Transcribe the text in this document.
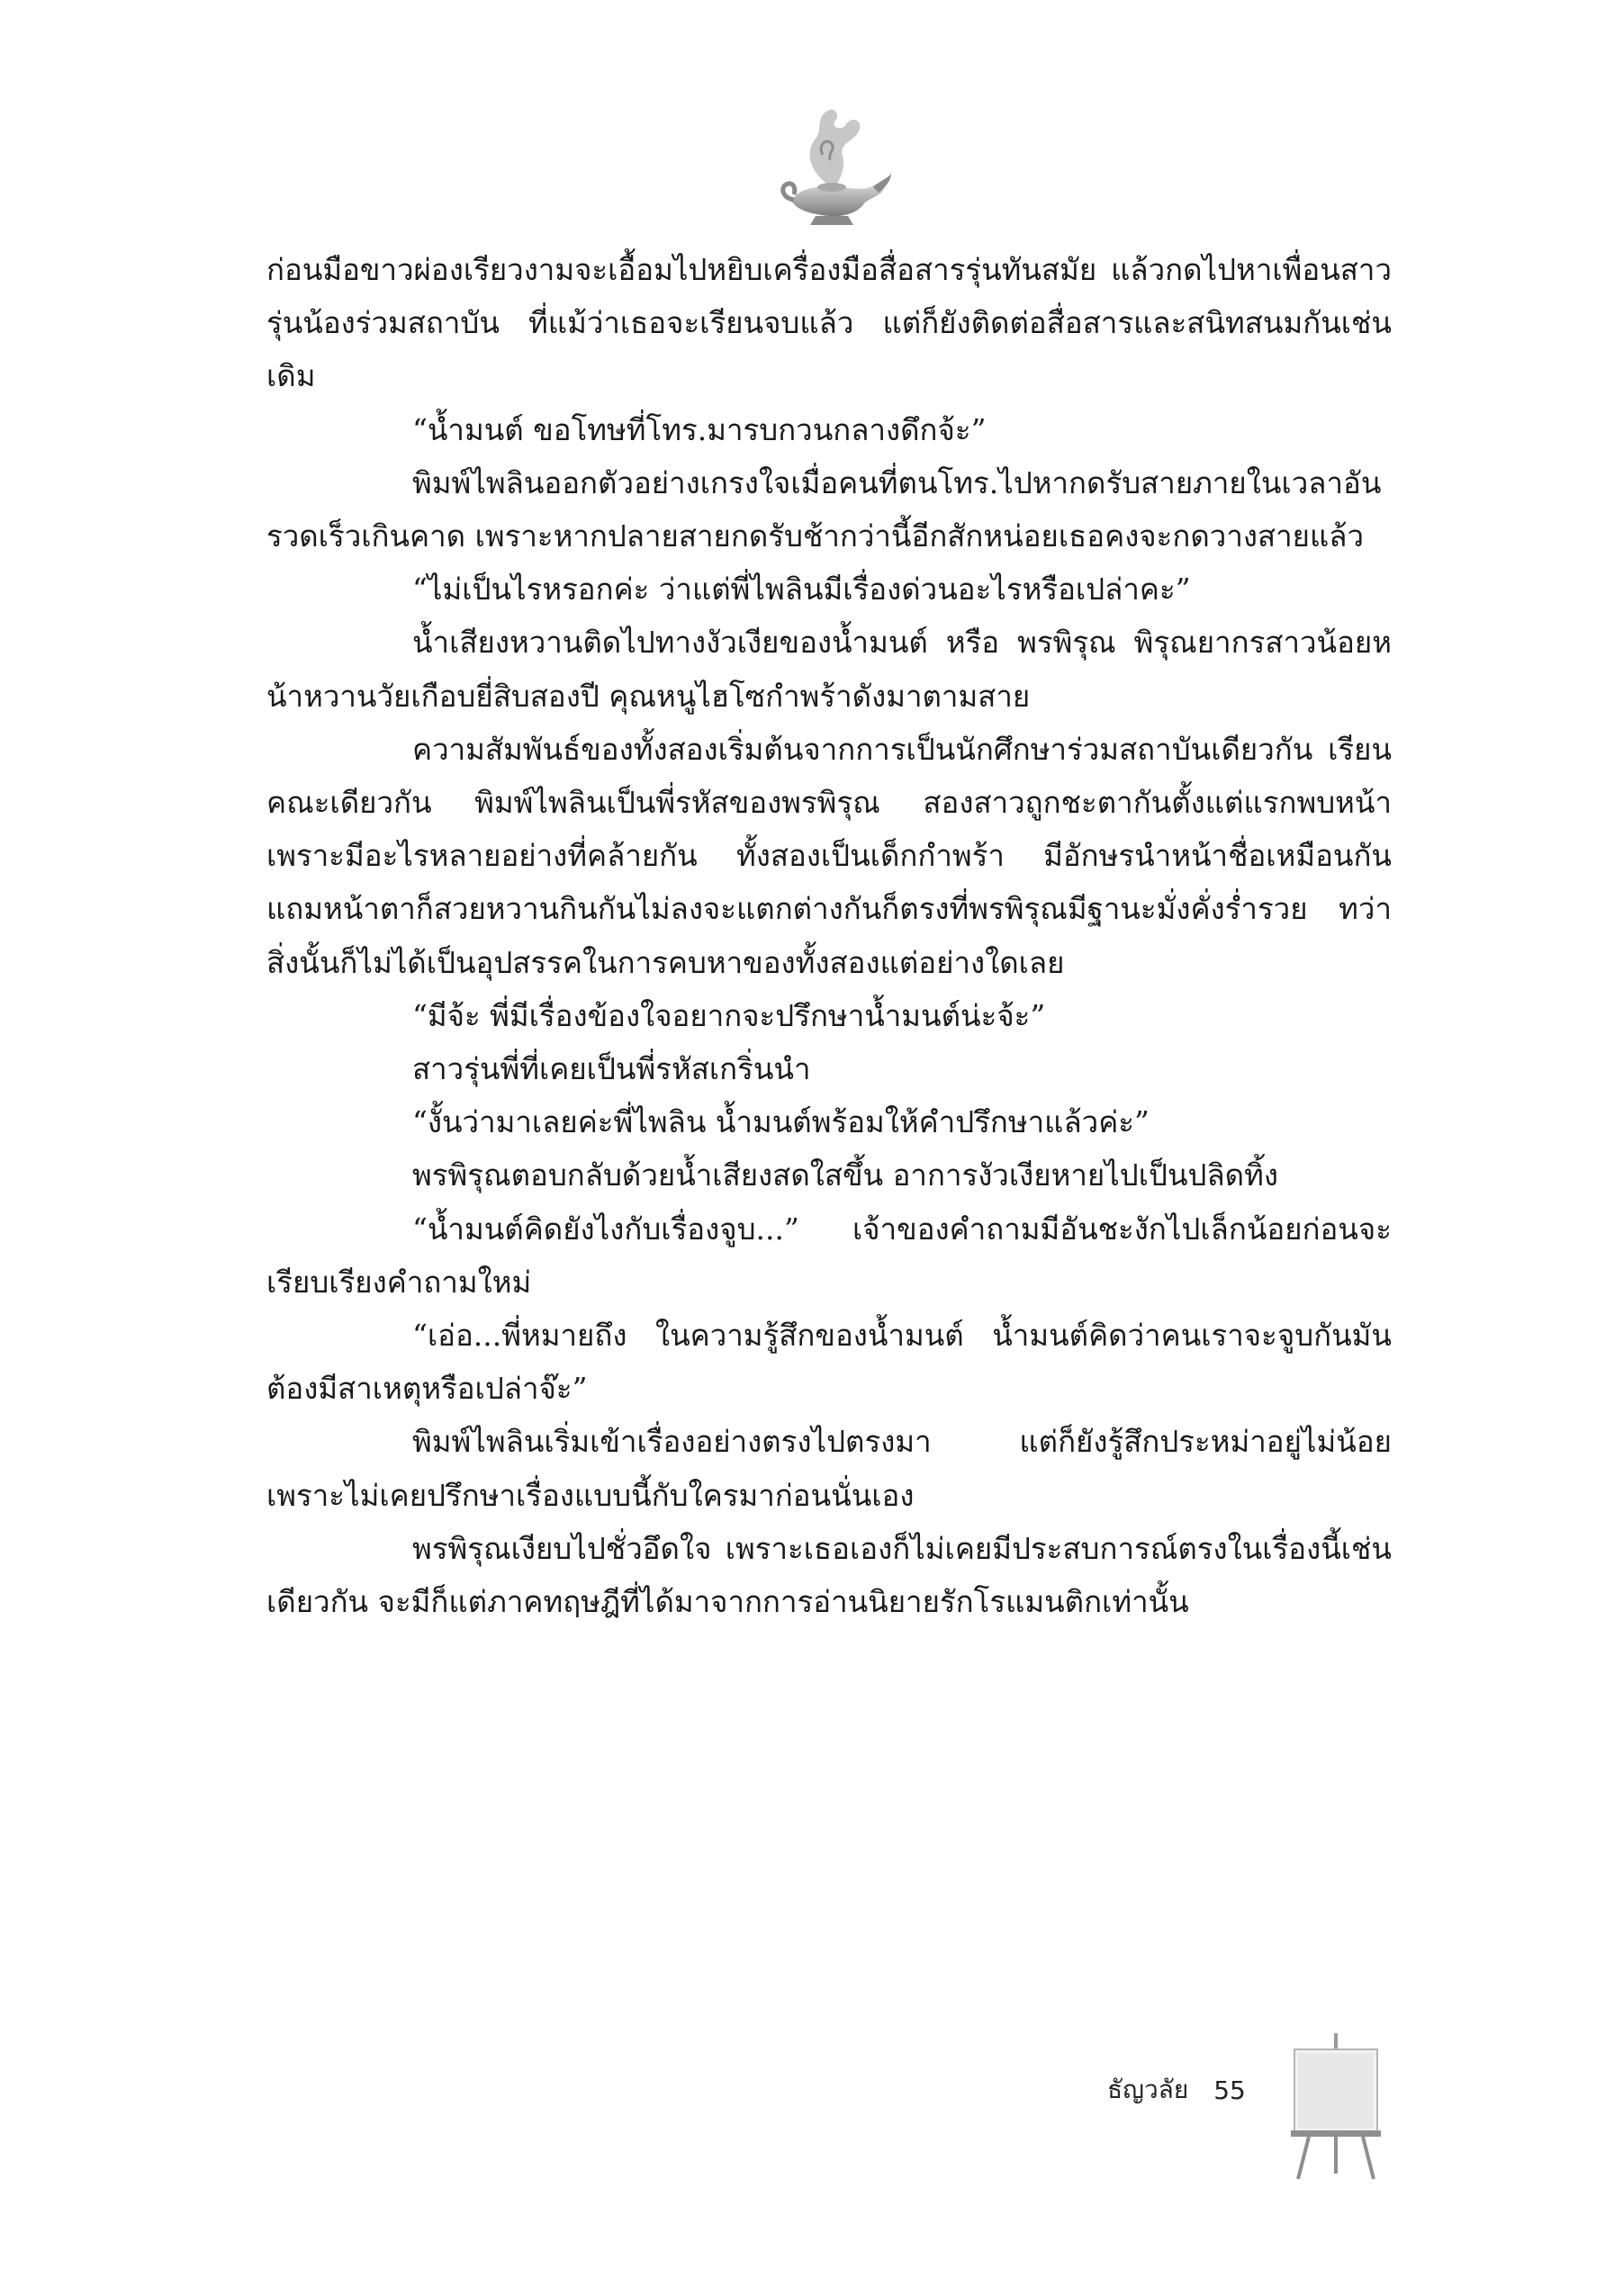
ก่อนมือขาวผ่องเรียวงามจะเอื้อมไปหยิบเครื่องมือสื่อสารรุ่นทันสมัย แล้วกดไปหาเพื่อนสาวรุ่นน้องร่วมสถาบัน ที่แม้ว่าเธอจะเรียนจบแล้ว แต่ก็ยังติดต่อสื่อสารและสนิทสนมกันเช่นเดิม

“น้ำมนต์ ขอโทษที่โทร.มารบกวนกลางดึกจ้ะ”

พิมพ์ไพลินออกตัวอย่างเกรงใจเมื่อคนที่ตนโทร.ไปหากดรับสายภายในเวลาอันรวดเร็วเกินคาด เพราะหากปลายสายกดรับช้ากว่านี้อีกสักหน่อยเธอคงจะกดวางสายแล้ว

“ไม่เป็นไรหรอกค่ะ ว่าแต่พี่ไพลินมีเรื่องด่วนอะไรหรือเปล่าคะ”

น้ำเสียงหวานติดไปทางงัวเงียของน้ำมนต์ หรือ พรพิรุณ พิรุณยากรสาวน้อยหน้าหวานวัยเกือบยี่สิบสองปี คุณหนูไฮโซกำพร้าดังมาตามสาย

ความสัมพันธ์ของทั้งสองเริ่มต้นจากการเป็นนักศึกษาร่วมสถาบันเดียวกัน เรียนคณะเดียวกัน พิมพ์ไพลินเป็นพี่รหัสของพรพิรุณ สองสาวถูกชะตากันตั้งแต่แรกพบหน้า เพราะมีอะไรหลายอย่างที่คล้ายกัน ทั้งสองเป็นเด็กกำพร้า มีอักษรนำหน้าชื่อเหมือนกัน แถมหน้าตาก็สวยหวานกินกันไม่ลงจะแตกต่างกันก็ตรงที่พรพิรุณมีฐานะมั่งคั่งร่ำรวย ทว่าสิ่งนั้นก็ไม่ได้เป็นอุปสรรคในการคบหาของทั้งสองแต่อย่างใดเลย

“มีจ้ะ พี่มีเรื่องข้องใจอยากจะปรึกษาน้ำมนต์น่ะจ้ะ”

สาวรุ่นพี่ที่เคยเป็นพี่รหัสเกริ่นนำ

“งั้นว่ามาเลยค่ะพี่ไพลิน น้ำมนต์พร้อมให้คำปรึกษาแล้วค่ะ”

พรพิรุณตอบกลับด้วยน้ำเสียงสดใสขึ้น อาการงัวเงียหายไปเป็นปลิดทิ้ง

“น้ำมนต์คิดยังไงกับเรื่องจูบ...” เจ้าของคำถามมีอันชะงักไปเล็กน้อยก่อนจะเรียบเรียงคำถามใหม่

“เอ่อ...พี่หมายถึง ในความรู้สึกของน้ำมนต์ น้ำมนต์คิดว่าคนเราจะจูบกันมันต้องมีสาเหตุหรือเปล่าจ๊ะ”

พิมพ์ไพลินเริ่มเข้าเรื่องอย่างตรงไปตรงมา แต่ก็ยังรู้สึกประหม่าอยู่ไม่น้อย เพราะไม่เคยปรึกษาเรื่องแบบนี้กับใครมาก่อนนั่นเอง

พรพิรุณเงียบไปชั่วอึดใจ เพราะเธอเองก็ไม่เคยมีประสบการณ์ตรงในเรื่องนี้เช่นเดียวกัน จะมีก็แต่ภาคทฤษฎีที่ได้มาจากการอ่านนิยายรักโรแมนติกเท่านั้น

ธัญวลัย 55
